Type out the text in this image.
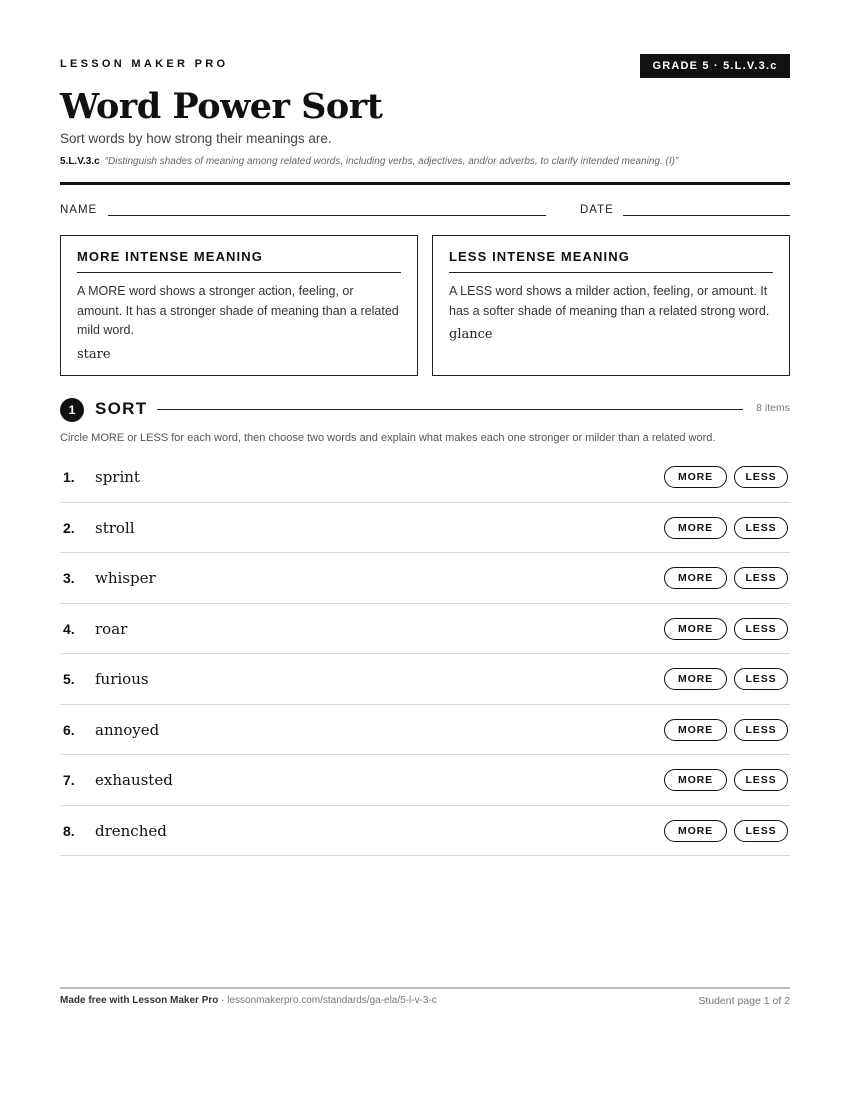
LESSON MAKER PRO	GRADE 5 · 5.L.V.3.c
Word Power Sort
Sort words by how strong their meanings are.
5.L.V.3.c “Distinguish shades of meaning among related words, including verbs, adjectives, and/or adverbs, to clarify intended meaning. (I)”
NAME	DATE
MORE INTENSE MEANING
A MORE word shows a stronger action, feeling, or amount. It has a stronger shade of meaning than a related mild word.
stare
LESS INTENSE MEANING
A LESS word shows a milder action, feeling, or amount. It has a softer shade of meaning than a related strong word.
glance
1	SORT	8 items
Circle MORE or LESS for each word, then choose two words and explain what makes each one stronger or milder than a related word.
1. sprint	MORE	LESS
2. stroll	MORE	LESS
3. whisper	MORE	LESS
4. roar	MORE	LESS
5. furious	MORE	LESS
6. annoyed	MORE	LESS
7. exhausted	MORE	LESS
8. drenched	MORE	LESS
Made free with Lesson Maker Pro · lessonmakerpro.com/standards/ga-ela/5-l-v-3-c	Student page 1 of 2
